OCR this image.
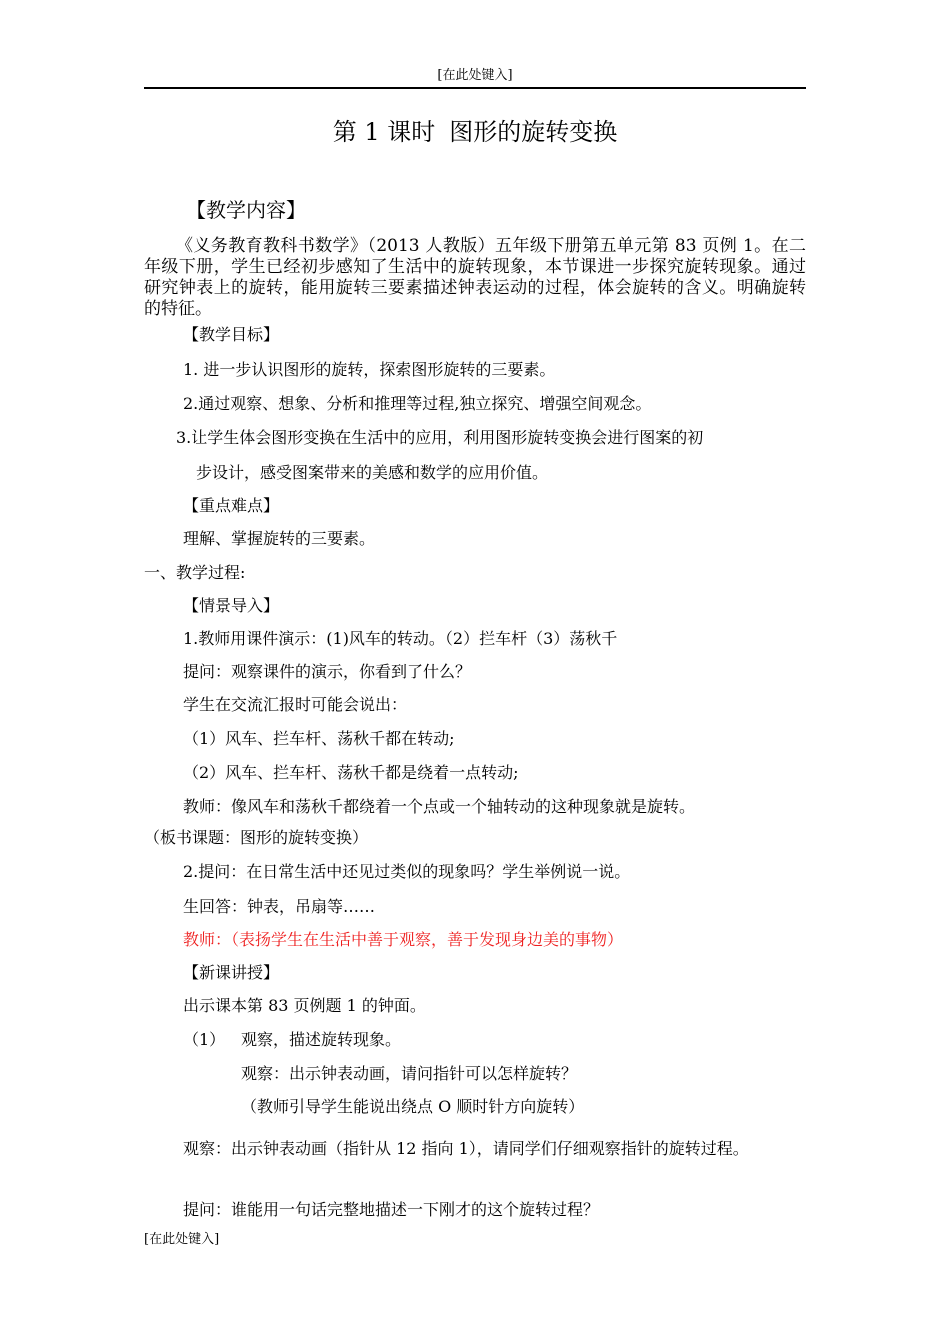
[在此处键入]
第 1 课时 图形的旋转变换
【教学内容】
《义务教育教科书数学》（2013 人教版）五年级下册第五单元第 83 页例 1。在二年级下册，学生已经初步感知了生活中的旋转现象，本节课进一步探究旋转现象。通过研究钟表上的旋转，能用旋转三要素描述钟表运动的过程，体会旋转的含义。明确旋转的特征。
【教学目标】
1. 进一步认识图形的旋转，探索图形旋转的三要素。
2.通过观察、想象、分析和推理等过程,独立探究、增强空间观念。
3.让学生体会图形变换在生活中的应用，利用图形旋转变换会进行图案的初
步设计，感受图案带来的美感和数学的应用价值。
【重点难点】
理解、掌握旋转的三要素。
一、教学过程:
【情景导入】
1.教师用课件演示：(1)风车的转动。（2）拦车杆（3）荡秋千
提问：观察课件的演示，你看到了什么？
学生在交流汇报时可能会说出：
（1）风车、拦车杆、荡秋千都在转动;
（2）风车、拦车杆、荡秋千都是绕着一点转动;
教师：像风车和荡秋千都绕着一个点或一个轴转动的这种现象就是旋转。
（板书课题：图形的旋转变换）
2.提问：在日常生活中还见过类似的现象吗？学生举例说一说。
生回答：钟表，吊扇等……
教师：（表扬学生在生活中善于观察，善于发现身边美的事物）
【新课讲授】
出示课本第 83 页例题 1 的钟面。
（1） 观察，描述旋转现象。
观察：出示钟表动画，请问指针可以怎样旋转？
（教师引导学生能说出绕点 O 顺时针方向旋转）
观察：出示钟表动画（指针从 12 指向 1），请同学们仔细观察指针的旋转过程。
提问：谁能用一句话完整地描述一下刚才的这个旋转过程？
[在此处键入]
